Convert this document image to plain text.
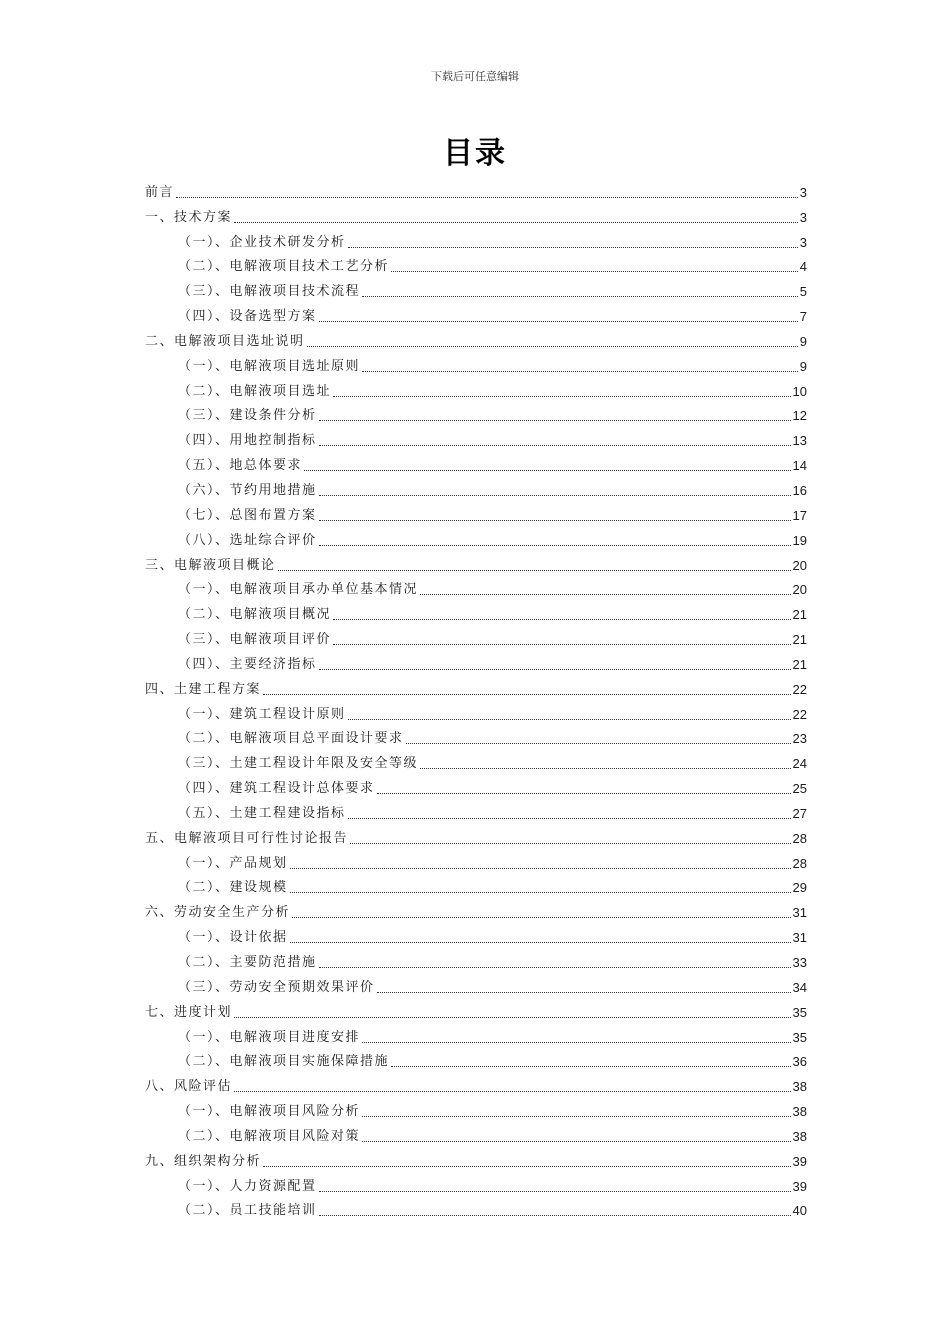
下载后可任意编辑
目录
前言	3
一、技术方案	3
（一）、企业技术研发分析	3
（二）、电解液项目技术工艺分析	4
（三）、电解液项目技术流程	5
（四）、设备选型方案	7
二、电解液项目选址说明	9
（一）、电解液项目选址原则	9
（二）、电解液项目选址	10
（三）、建设条件分析	12
（四）、用地控制指标	13
（五）、地总体要求	14
（六）、节约用地措施	16
（七）、总图布置方案	17
（八）、选址综合评价	19
三、电解液项目概论	20
（一）、电解液项目承办单位基本情况	20
（二）、电解液项目概况	21
（三）、电解液项目评价	21
（四）、主要经济指标	21
四、土建工程方案	22
（一）、建筑工程设计原则	22
（二）、电解液项目总平面设计要求	23
（三）、土建工程设计年限及安全等级	24
（四）、建筑工程设计总体要求	25
（五）、土建工程建设指标	27
五、电解液项目可行性讨论报告	28
（一）、产品规划	28
（二）、建设规模	29
六、劳动安全生产分析	31
（一）、设计依据	31
（二）、主要防范措施	33
（三）、劳动安全预期效果评价	34
七、进度计划	35
（一）、电解液项目进度安排	35
（二）、电解液项目实施保障措施	36
八、风险评估	38
（一）、电解液项目风险分析	38
（二）、电解液项目风险对策	38
九、组织架构分析	39
（一）、人力资源配置	39
（二）、员工技能培训	40
